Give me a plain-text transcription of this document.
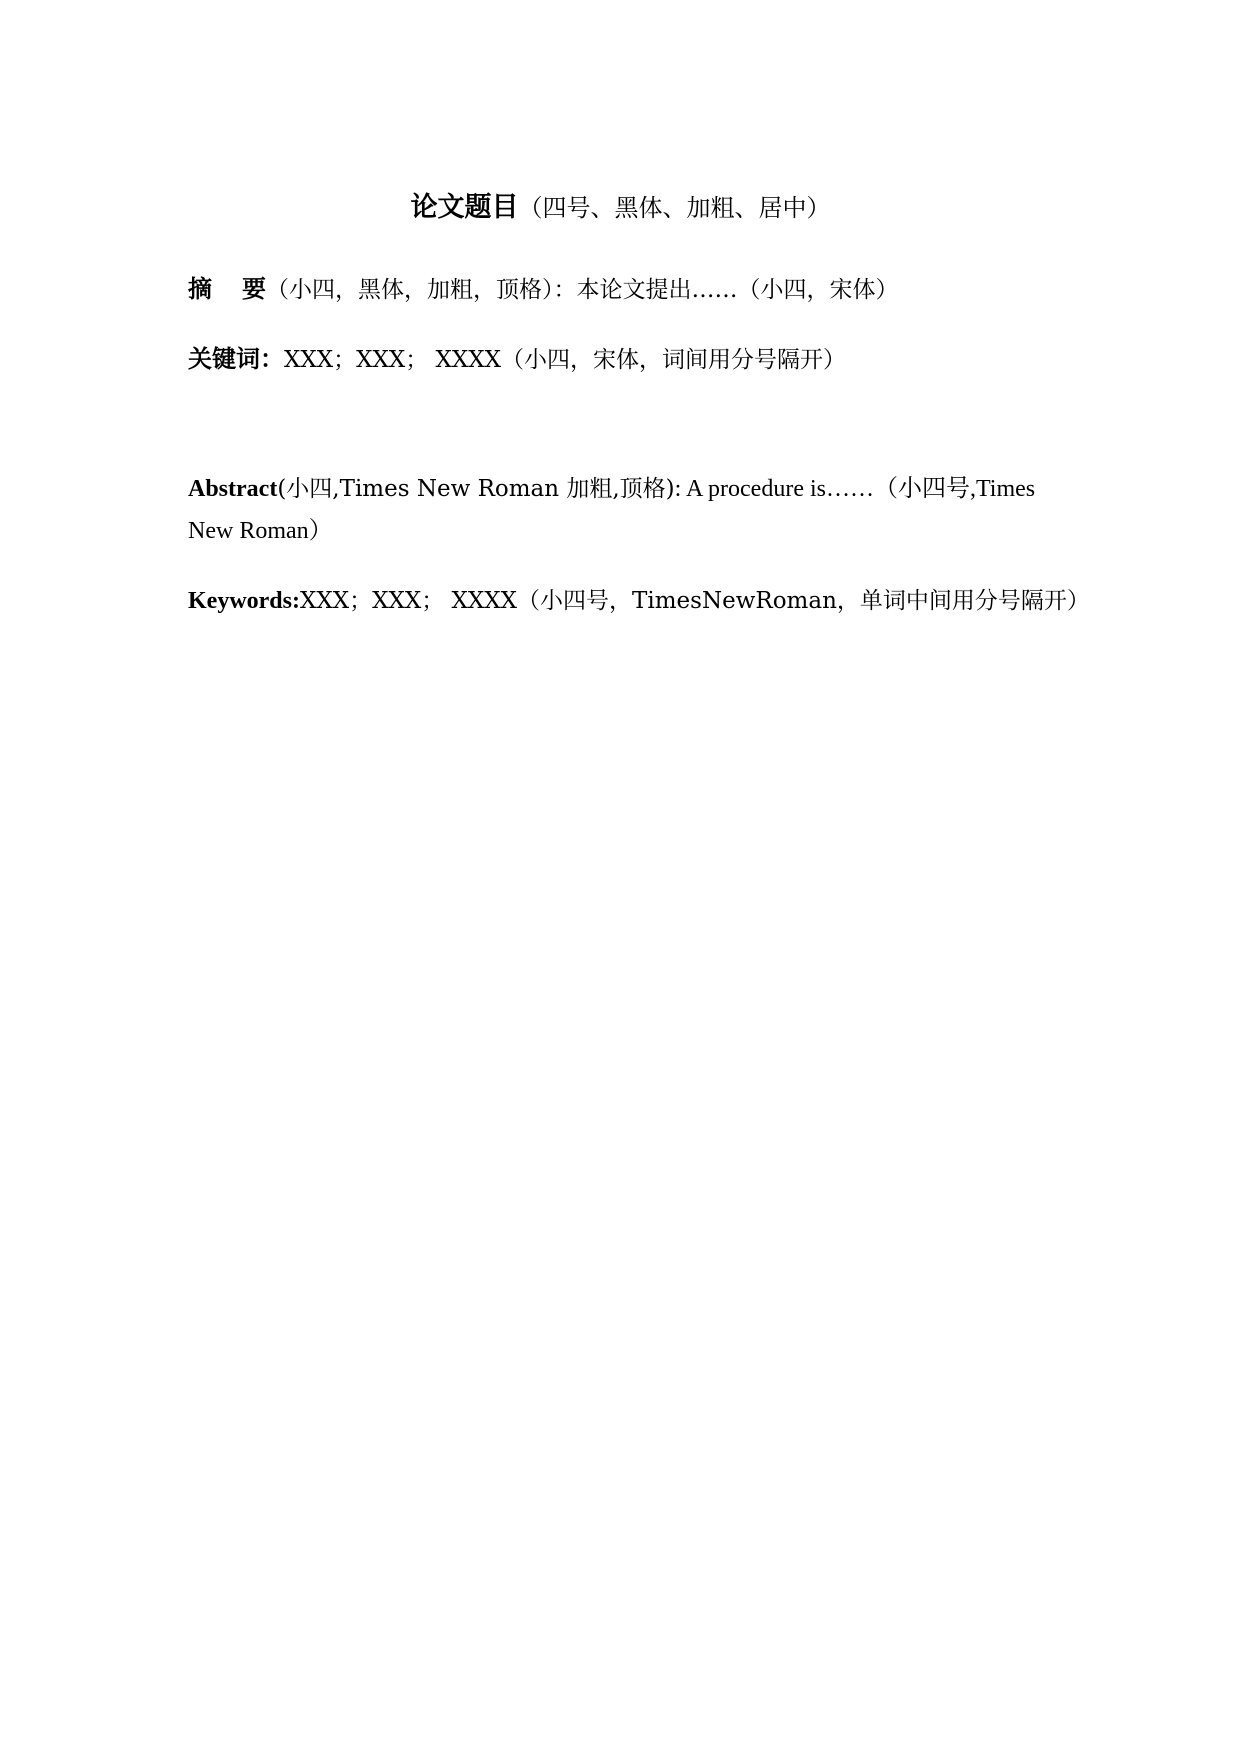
论文题目（四号、黑体、加粗、居中）
摘 要（小四，黑体，加粗，顶格）：本论文提出……（小四，宋体）
关键词：XXX；XXX； XXXX（小四，宋体，词间用分号隔开）
Abstract(小四,Times New Roman 加粗,顶格): A procedure is……（小四号,Times New Roman）
Keywords:XXX；XXX； XXXX（小四号，TimesNewRoman，单词中间用分号隔开）
